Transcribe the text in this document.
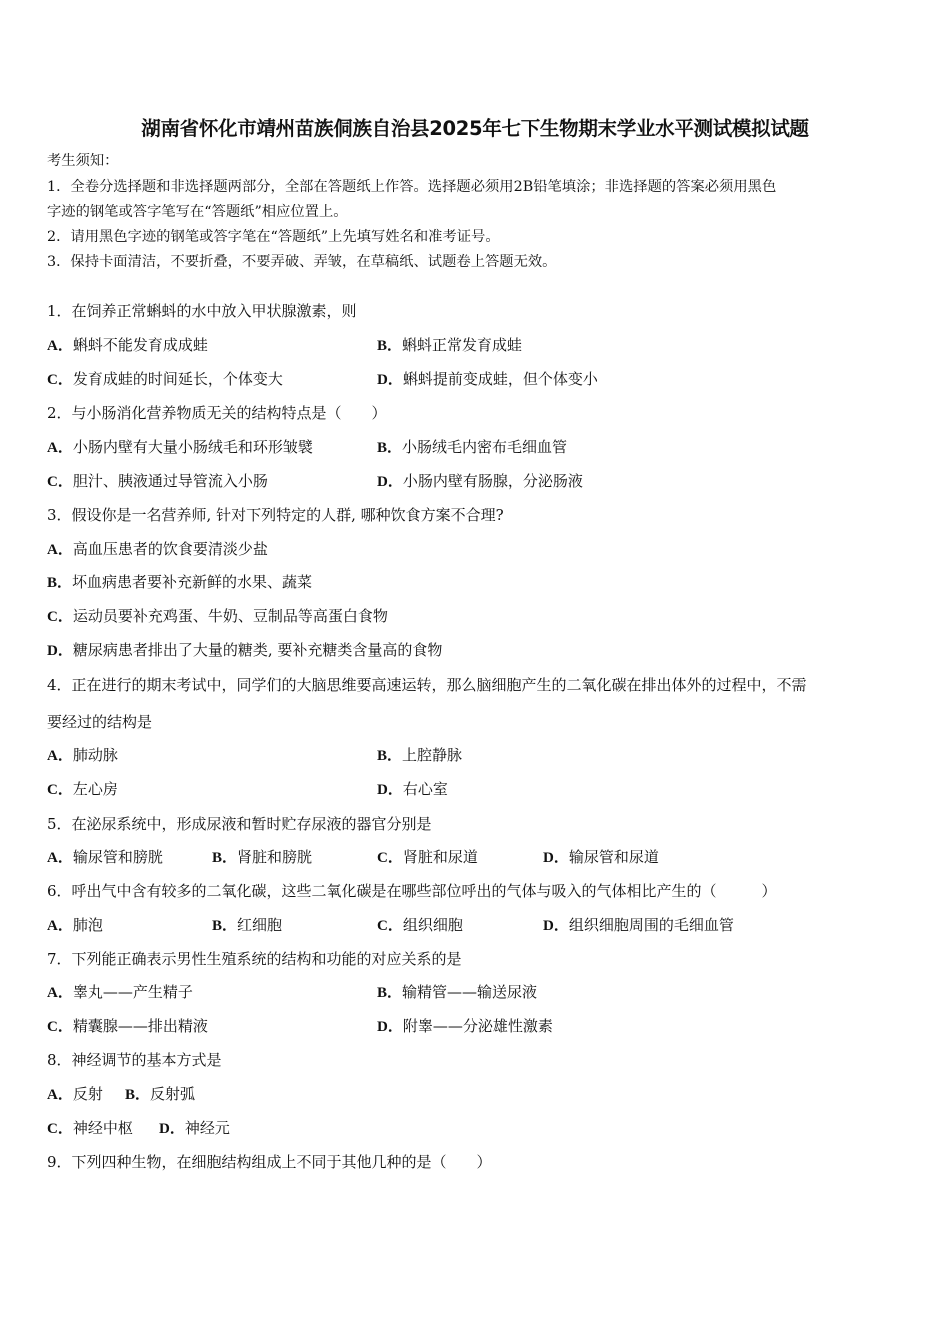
湖南省怀化市靖州苗族侗族自治县2025年七下生物期末学业水平测试模拟试题
考生须知：
1．全卷分选择题和非选择题两部分，全部在答题纸上作答。选择题必须用2B铅笔填涂；非选择题的答案必须用黑色
字迹的钢笔或答字笔写在“答题纸”相应位置上。
2．请用黑色字迹的钢笔或答字笔在“答题纸”上先填写姓名和准考证号。
3．保持卡面清洁，不要折叠，不要弄破、弄皱，在草稿纸、试题卷上答题无效。
1．在饲养正常蝌蚪的水中放入甲状腺激素，则
A．蝌蚪不能发育成成蛙	B．蝌蚪正常发育成蛙
C．发育成蛙的时间延长，个体变大	D．蝌蚪提前变成蛙，但个体变小
2．与小肠消化营养物质无关的结构特点是（　　）
A．小肠内壁有大量小肠绒毛和环形皱襞	B．小肠绒毛内密布毛细血管
C．胆汁、胰液通过导管流入小肠	D．小肠内壁有肠腺，分泌肠液
3．假设你是一名营养师, 针对下列特定的人群, 哪种饮食方案不合理?
A．高血压患者的饮食要清淡少盐
B．坏血病患者要补充新鲜的水果、蔬菜
C．运动员要补充鸡蛋、牛奶、豆制品等高蛋白食物
D．糖尿病患者排出了大量的糖类, 要补充糖类含量高的食物
4．正在进行的期末考试中，同学们的大脑思维要高速运转，那么脑细胞产生的二氧化碳在排出体外的过程中，不需
要经过的结构是
A．肺动脉	B．上腔静脉
C．左心房	D．右心室
5．在泌尿系统中，形成尿液和暂时贮存尿液的器官分别是
A．输尿管和膀胱	B．肾脏和膀胱	C．肾脏和尿道	D．输尿管和尿道
6．呼出气中含有较多的二氧化碳，这些二氧化碳是在哪些部位呼出的气体与吸入的气体相比产生的（　　　）
A．肺泡	B．红细胞	C．组织细胞	D．组织细胞周围的毛细血管
7．下列能正确表示男性生殖系统的结构和功能的对应关系的是
A．睾丸——产生精子	B．输精管——输送尿液
C．精囊腺——排出精液	D．附睾——分泌雄性激素
8．神经调节的基本方式是
A．反射 B．反射弧
C．神经中枢 D．神经元
9．下列四种生物，在细胞结构组成上不同于其他几种的是（　　）
